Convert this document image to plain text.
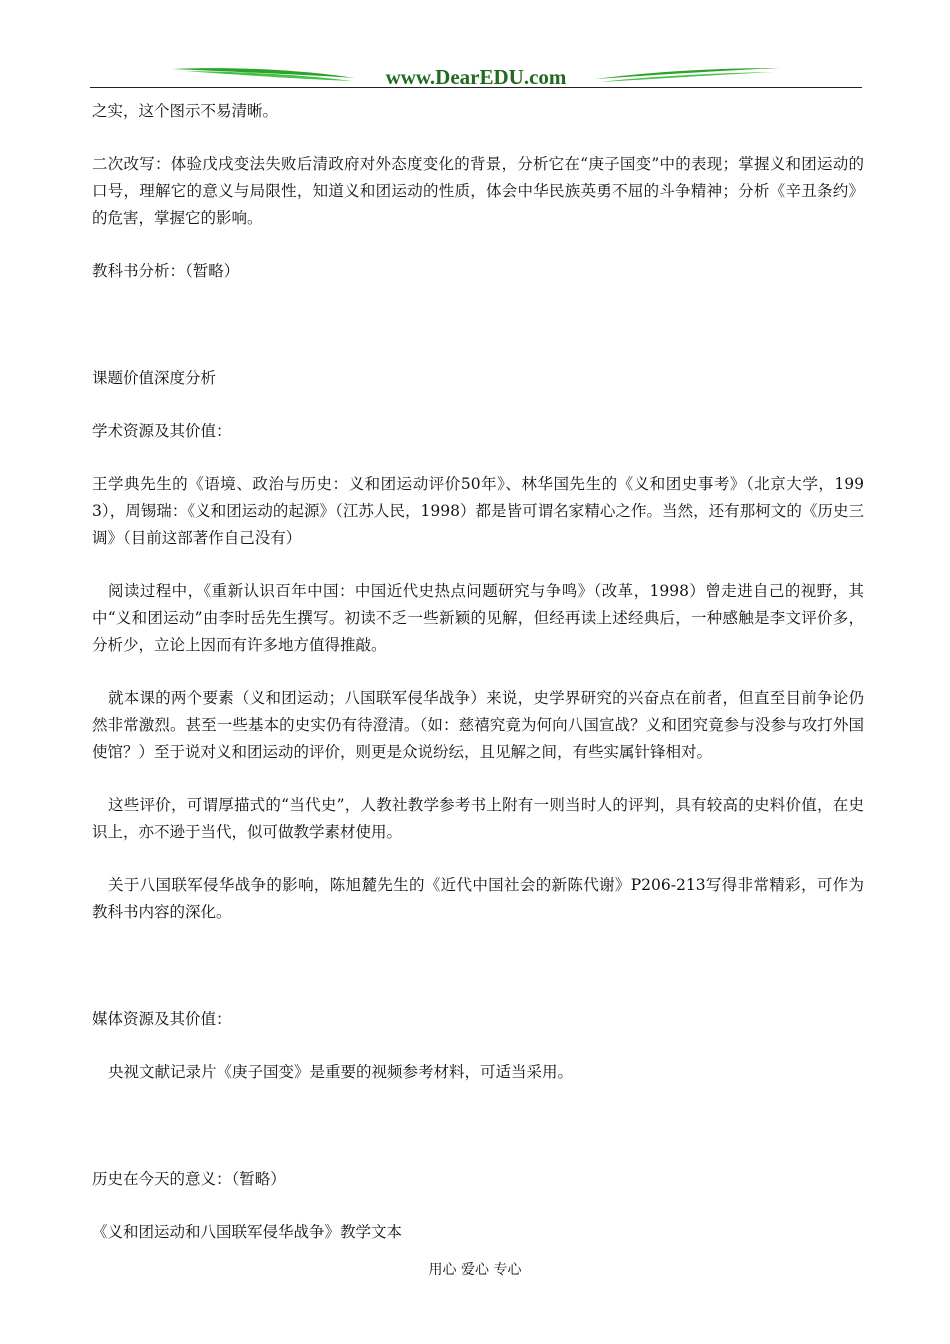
www.DearEDU.com

之实，这个图示不易清晰。

二次改写：体验戊戌变法失败后清政府对外态度变化的背景，分析它在“庚子国变”中的表现；掌握义和团运动的口号，理解它的意义与局限性，知道义和团运动的性质，体会中华民族英勇不屈的斗争精神；分析《辛丑条约》的危害，掌握它的影响。

教科书分析：（暂略）

课题价值深度分析

学术资源及其价值：

王学典先生的《语境、政治与历史：义和团运动评价50年》、林华国先生的《义和团史事考》（北京大学，1993），周锡瑞：《义和团运动的起源》（江苏人民，1998）都是皆可谓名家精心之作。当然，还有那柯文的《历史三调》（目前这部著作自己没有）

阅读过程中，《重新认识百年中国：中国近代史热点问题研究与争鸣》（改革，1998）曾走进自己的视野，其中“义和团运动”由李时岳先生撰写。初读不乏一些新颖的见解，但经再读上述经典后，一种感触是李文评价多，分析少，立论上因而有许多地方值得推敲。

就本课的两个要素（义和团运动；八国联军侵华战争）来说，史学界研究的兴奋点在前者，但直至目前争论仍然非常激烈。甚至一些基本的史实仍有待澄清。（如：慈禧究竟为何向八国宣战？义和团究竟参与没参与攻打外国使馆？）至于说对义和团运动的评价，则更是众说纷纭，且见解之间，有些实属针锋相对。

这些评价，可谓厚描式的“当代史”，人教社教学参考书上附有一则当时人的评判，具有较高的史料价值，在史识上，亦不逊于当代，似可做教学素材使用。

关于八国联军侵华战争的影响，陈旭麓先生的《近代中国社会的新陈代谢》P206-213写得非常精彩，可作为教科书内容的深化。

媒体资源及其价值：

央视文献记录片《庚子国变》是重要的视频参考材料，可适当采用。

历史在今天的意义：（暂略）

《义和团运动和八国联军侵华战争》教学文本

用心 爱心 专心
